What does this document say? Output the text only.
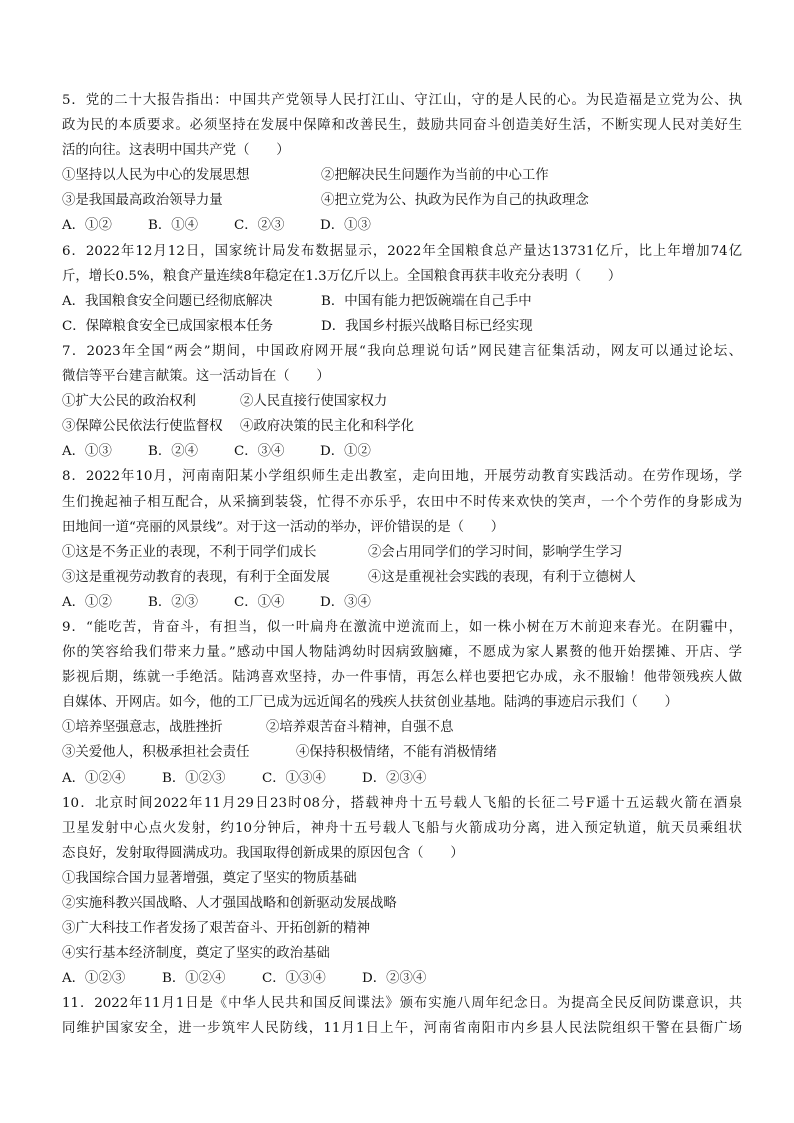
5．党的二十大报告指出：中国共产党领导人民打江山、守江山，守的是人民的心。为民造福是立党为公、执
政为民的本质要求。必须坚持在发展中保障和改善民生，鼓励共同奋斗创造美好生活，不断实现人民对美好生
活的向往。这表明中国共产党（　　）
①坚持以人民为中心的发展思想	②把解决民生问题作为当前的中心工作
③是我国最高政治领导力量	④把立党为公、执政为民作为自己的执政理念
A．①②	B．①④	C．②③	D．①③
6．2022年12月12日，国家统计局发布数据显示，2022年全国粮食总产量达13731亿斤，比上年增加74亿
斤，增长0.5%，粮食产量连续8年稳定在1.3万亿斤以上。全国粮食再获丰收充分表明（　　）
A．我国粮食安全问题已经彻底解决	B．中国有能力把饭碗端在自己手中
C．保障粮食安全已成国家根本任务	D．我国乡村振兴战略目标已经实现
7．2023年全国“两会”期间，中国政府网开展“我向总理说句话”网民建言征集活动，网友可以通过论坛、
微信等平台建言献策。这一活动旨在（　　）
①扩大公民的政治权利	②人民直接行使国家权力
③保障公民依法行使监督权	④政府决策的民主化和科学化
A．①③	B．②④	C．③④	D．①②
8．2022年10月，河南南阳某小学组织师生走出教室，走向田地，开展劳动教育实践活动。在劳作现场，学
生们挽起袖子相互配合，从采摘到装袋，忙得不亦乐乎，农田中不时传来欢快的笑声，一个个劳作的身影成为
田地间一道“亮丽的风景线”。对于这一活动的举办，评价错误的是（　　）
①这是不务正业的表现，不利于同学们成长	②会占用同学们的学习时间，影响学生学习
③这是重视劳动教育的表现，有利于全面发展	④这是重视社会实践的表现，有利于立德树人
A．①②	B．②③	C．①④	D．③④
9．“能吃苦，肯奋斗，有担当，似一叶扁舟在激流中逆流而上，如一株小树在万木前迎来春光。在阴霾中，
你的笑容给我们带来力量。”感动中国人物陆鸿幼时因病致脑瘫，不愿成为家人累赘的他开始摆摊、开店、学
影视后期，练就一手绝活。陆鸿喜欢坚持，办一件事情，再怎么样也要把它办成，永不服输！他带领残疾人做
自媒体、开网店。如今，他的工厂已成为远近闻名的残疾人扶贫创业基地。陆鸿的事迹启示我们（　　）
①培养坚强意志，战胜挫折	②培养艰苦奋斗精神，自强不息
③关爱他人，积极承担社会责任	④保持积极情绪，不能有消极情绪
A．①②④	B．①②③	C．①③④	D．②③④
10．北京时间2022年11月29日23时08分，搭载神舟十五号载人飞船的长征二号F遥十五运载火箭在酒泉
卫星发射中心点火发射，约10分钟后，神舟十五号载人飞船与火箭成功分离，进入预定轨道，航天员乘组状
态良好，发射取得圆满成功。我国取得创新成果的原因包含（　　）
①我国综合国力显著增强，奠定了坚实的物质基础
②实施科教兴国战略、人才强国战略和创新驱动发展战略
③广大科技工作者发扬了艰苦奋斗、开拓创新的精神
④实行基本经济制度，奠定了坚实的政治基础
A．①②③	B．①②④	C．①③④	D．②③④
11．2022年11月1日是《中华人民共和国反间谍法》颁布实施八周年纪念日。为提高全民反间防谍意识，共
同维护国家安全，进一步筑牢人民防线，11月1日上午，河南省南阳市内乡县人民法院组织干警在县衙广场
